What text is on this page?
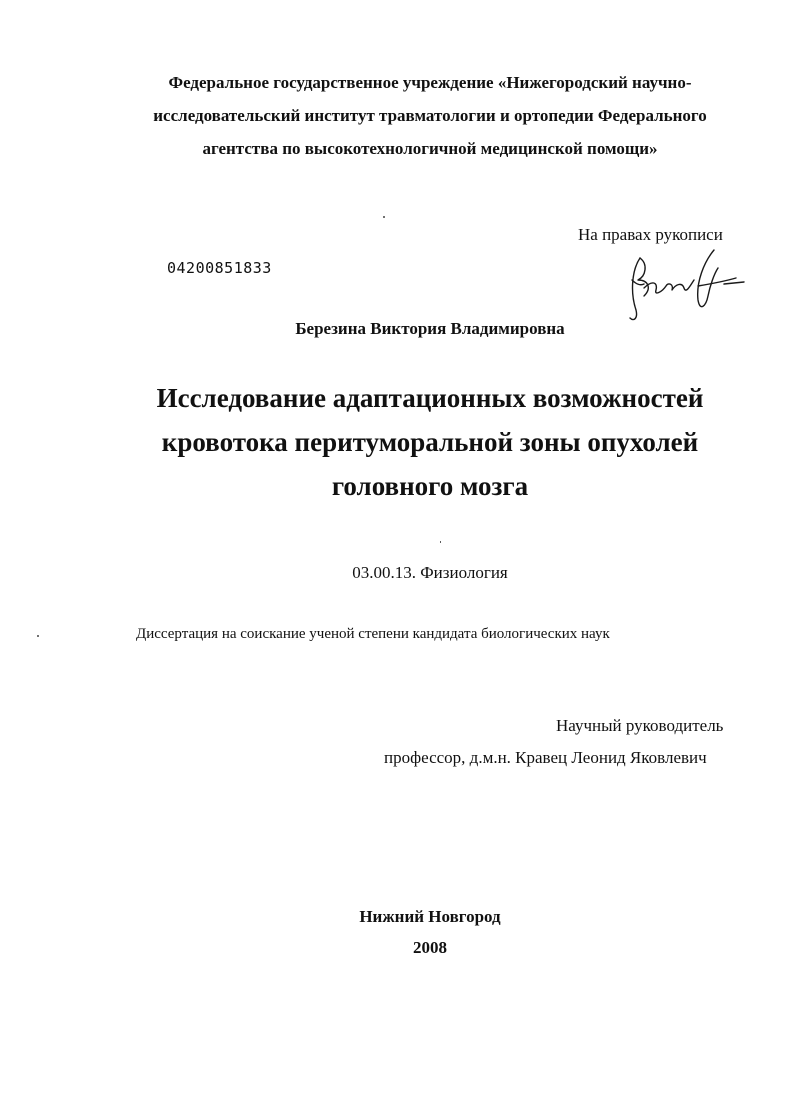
Федеральное государственное учреждение «Нижегородский научно-
исследовательский институт травматологии и ортопедии Федерального
агентства по высокотехнологичной медицинской помощи»
На правах рукописи
04200851833
Березина Виктория Владимировна
Исследование адаптационных возможностей
кровотока перитуморальной зоны опухолей
головного мозга
03.00.13. Физиология
Диссертация на соискание ученой степени кандидата биологических наук
Научный руководитель
профессор, д.м.н. Кравец Леонид Яковлевич
Нижний Новгород
2008
